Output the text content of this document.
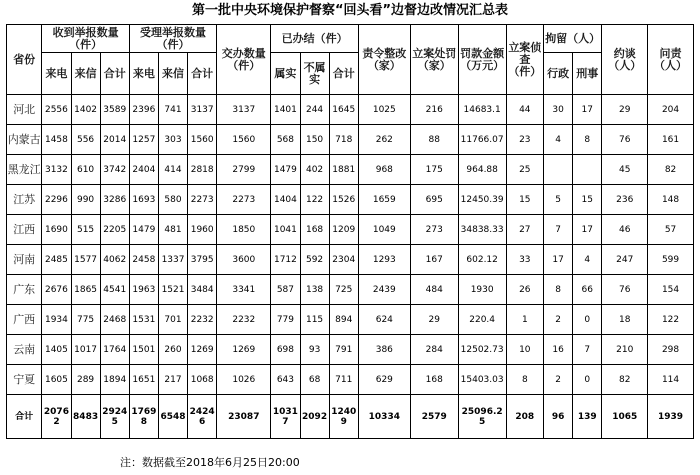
第一批中央环境保护督察“回头看”边督边改情况汇总表
省份	收到举报数量（件）			受理举报数量（件）			交办数量（件）	已办结（件）			责令整改（家）	立案处罚（家）	罚款金额（万元）	立案侦查（件）	拘留（人）		约谈（人）	问责（人）
	来电	来信	合计	来电	来信	合计		属实	不属实	合计					行政	刑事		
河北	2556	1402	3589	2396	741	3137	3137	1401	244	1645	1025	216	14683.1	44	30	17	29	204
内蒙古	1458	556	2014	1257	303	1560	1560	568	150	718	262	88	11766.07	23	4	8	76	161
黑龙江	3132	610	3742	2404	414	2818	2799	1479	402	1881	968	175	964.88	25			45	82
江苏	2296	990	3286	1693	580	2273	2273	1404	122	1526	1659	695	12450.39	15	5	15	236	148
江西	1690	515	2205	1479	481	1960	1850	1041	168	1209	1049	273	34838.33	27	7	17	46	57
河南	2485	1577	4062	2458	1337	3795	3600	1712	592	2304	1293	167	602.12	33	17	4	247	599
广东	2676	1865	4541	1963	1521	3484	3341	587	138	725	2439	484	1930	26	8	66	76	154
广西	1934	775	2468	1531	701	2232	2232	779	115	894	624	29	220.4	1	2	0	18	122
云南	1405	1017	1764	1501	260	1269	1269	698	93	791	386	284	12502.73	10	16	7	210	298
宁夏	1605	289	1894	1651	217	1068	1026	643	68	711	629	168	15403.03	8	2	0	82	114
合计	20762	8483	29245	17698	6548	24246	23087	10317	2092	12409	10334	2579	25096.25	208	96	139	1065	1939
注：数据截至2018年6月25日20:00
